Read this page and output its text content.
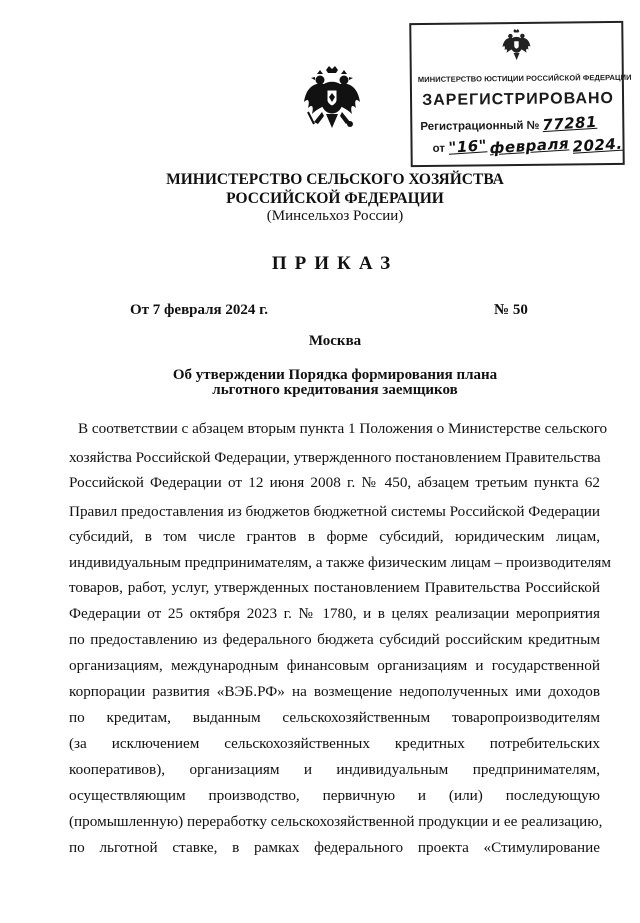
МИНИСТЕРСТВО ЮСТИЦИИ РОССИЙСКОЙ ФЕДЕРАЦИИ
ЗАРЕГИСТРИРОВАНО
Регистрационный № 77281
от "16" февраля 2024.
МИНИСТЕРСТВО СЕЛЬСКОГО ХОЗЯЙСТВА
РОССИЙСКОЙ ФЕДЕРАЦИИ
(Минсельхоз России)
ПРИКАЗ
От 7 февраля 2024 г.	№ 50
Москва
Об утверждении Порядка формирования плана
льготного кредитования заемщиков
В соответствии с абзацем вторым пункта 1 Положения о Министерстве сельского
хозяйства Российской Федерации, утвержденного постановлением Правительства
Российской Федерации от 12 июня 2008 г. № 450, абзацем третьим пункта 62
Правил предоставления из бюджетов бюджетной системы Российской Федерации
субсидий, в том числе грантов в форме субсидий, юридическим лицам,
индивидуальным предпринимателям, а также физическим лицам – производителям
товаров, работ, услуг, утвержденных постановлением Правительства Российской
Федерации от 25 октября 2023 г. № 1780, и в целях реализации мероприятия
по предоставлению из федерального бюджета субсидий российским кредитным
организациям, международным финансовым организациям и государственной
корпорации развития «ВЭБ.РФ» на возмещение недополученных ими доходов
по кредитам, выданным сельскохозяйственным товаропроизводителям
(за исключением сельскохозяйственных кредитных потребительских
кооперативов), организациям и индивидуальным предпринимателям,
осуществляющим производство, первичную и (или) последующую
(промышленную) переработку сельскохозяйственной продукции и ее реализацию,
по льготной ставке, в рамках федерального проекта «Стимулирование
